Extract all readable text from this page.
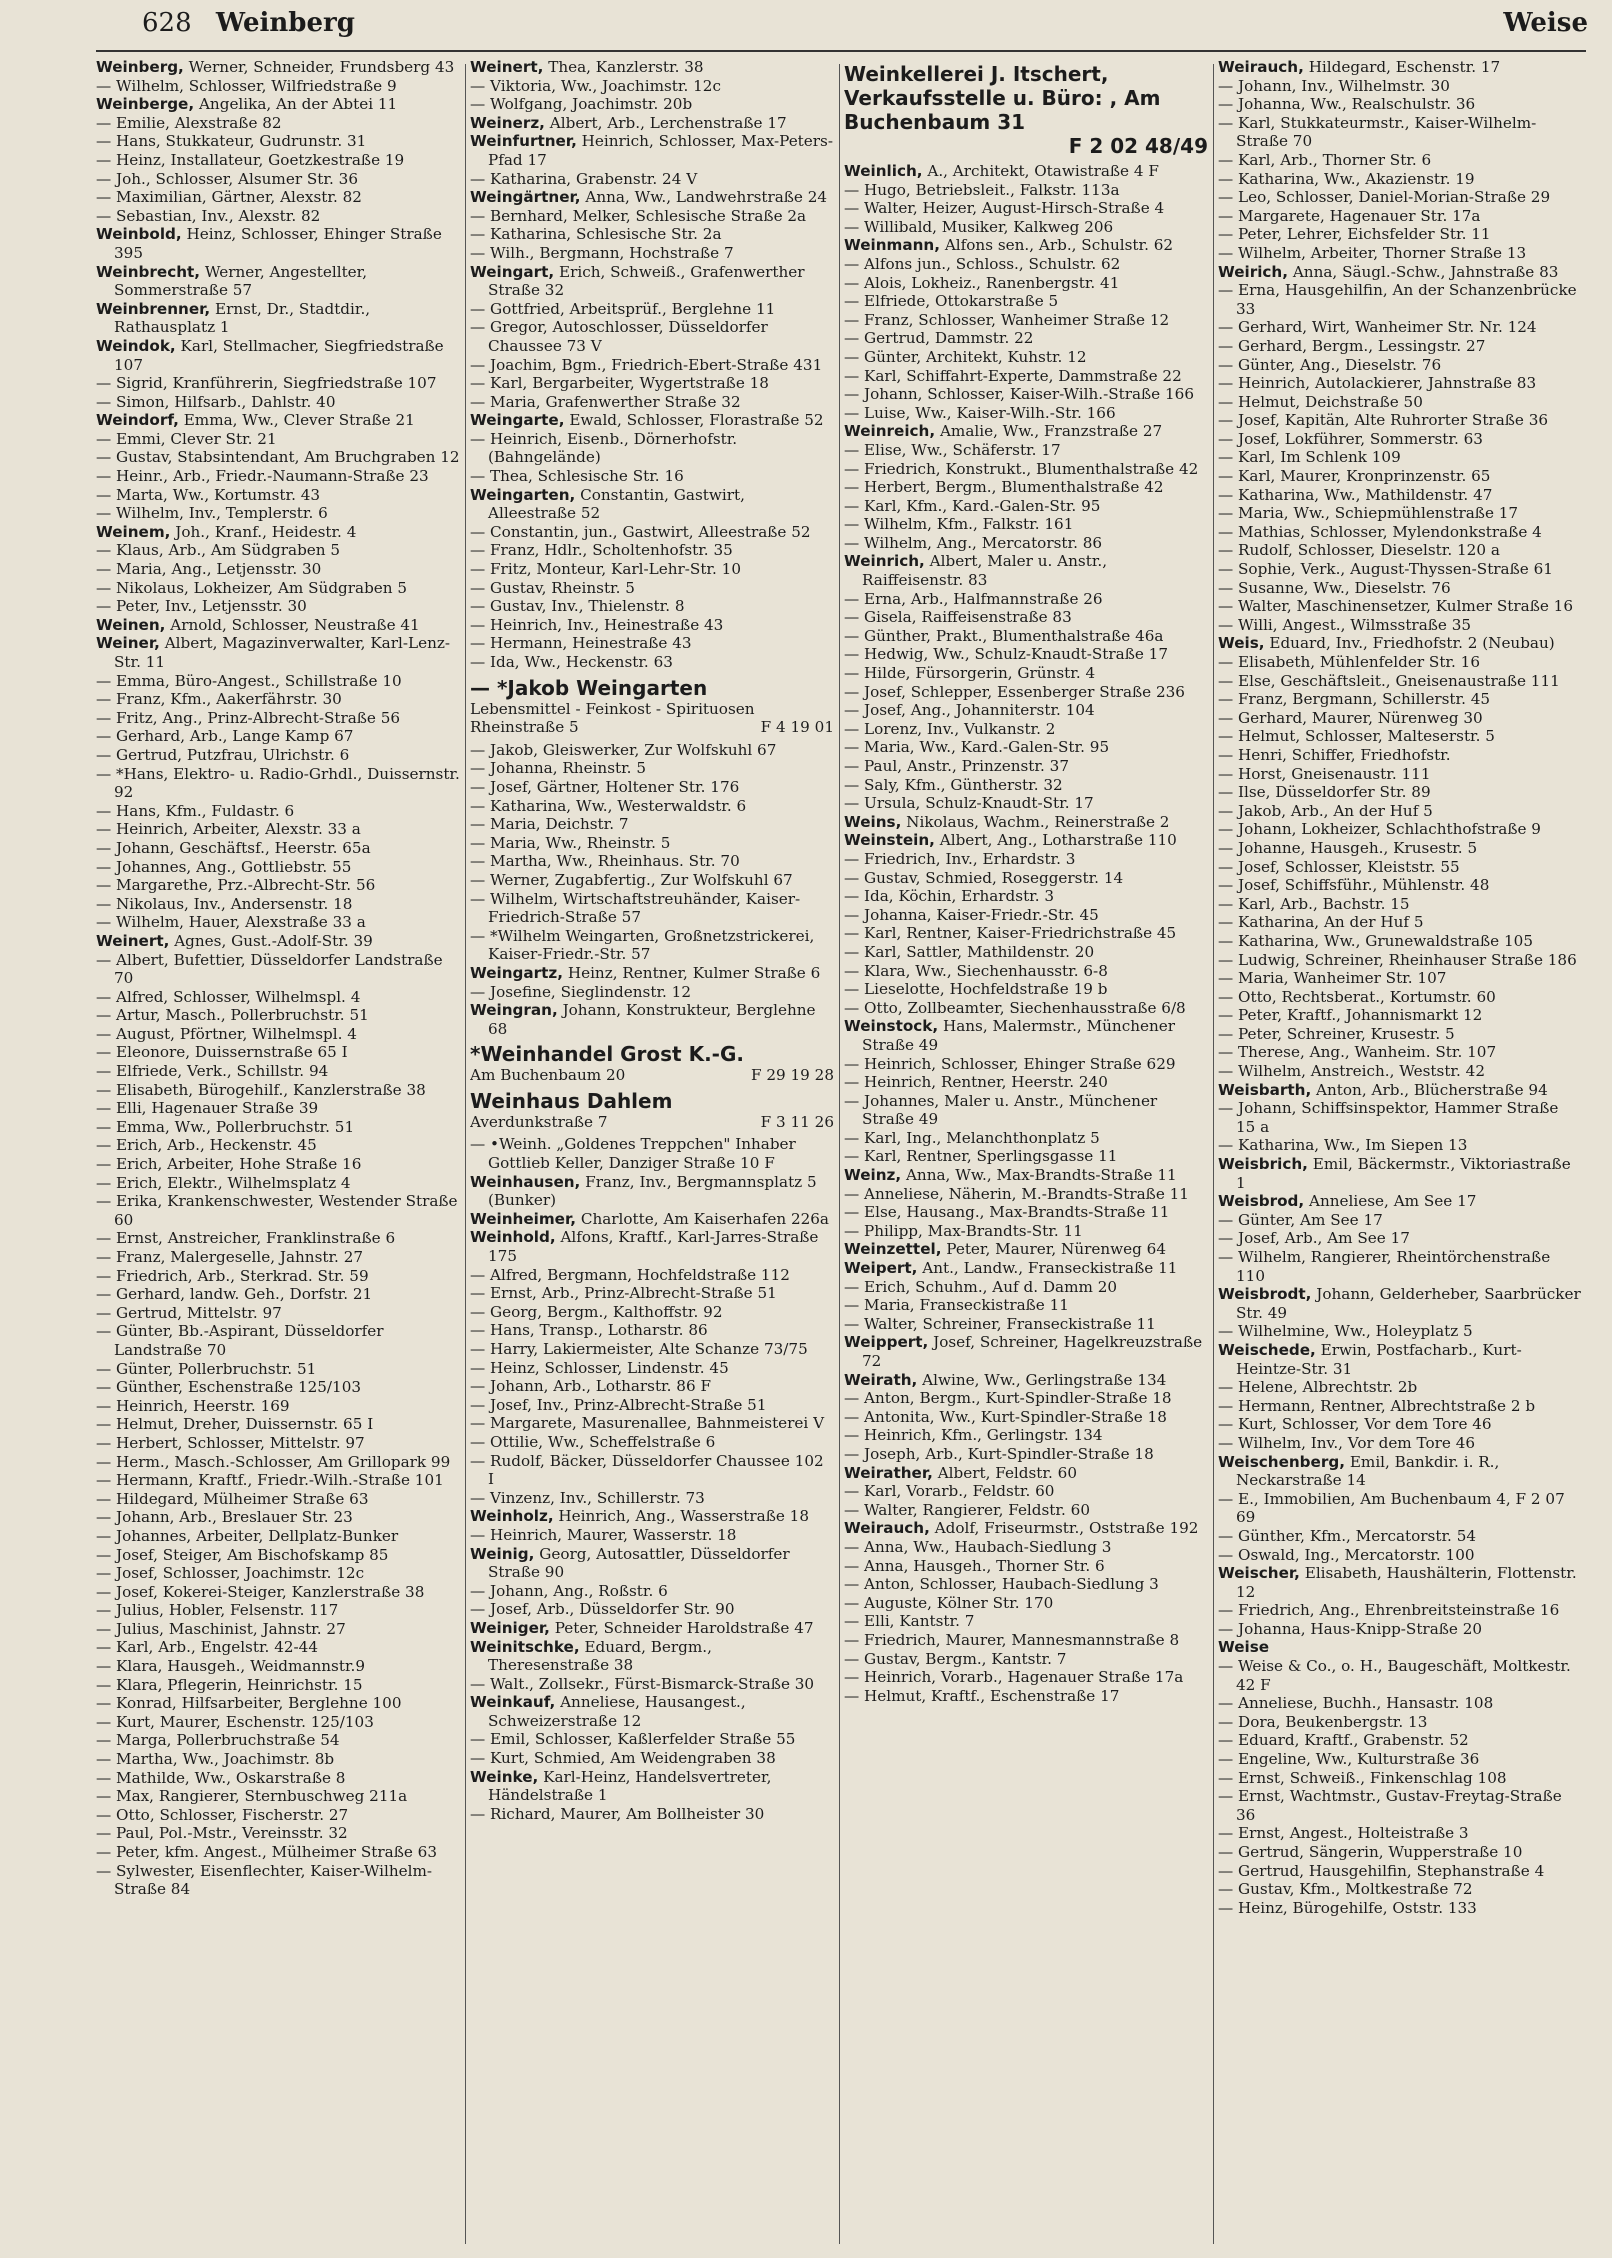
628 Weinberg	Weise
Weinberg, Werner, Schneider, Frundsberg 43
— Wilhelm, Schlosser, Wilfriedstraße 9
Weinberge, Angelika, An der Abtei 11
— Emilie, Alexstraße 82
— Hans, Stukkateur, Gudrunstr. 31
— Heinz, Installateur, Goetzkestraße 19
— Joh., Schlosser, Alsumer Str. 36
— Maximilian, Gärtner, Alexstr. 82
— Sebastian, Inv., Alexstr. 82
Weinbold, Heinz, Schlosser, Ehinger Straße 395
Weinbrecht, Werner, Angestellter, Sommerstraße 57
Weinbrenner, Ernst, Dr., Stadtdir., Rathausplatz 1
Weindok, Karl, Stellmacher, Siegfriedstraße 107
— Sigrid, Kranführerin, Siegfriedstraße 107
— Simon, Hilfsarb., Dahlstr. 40
Weindorf, Emma, Ww., Clever Straße 21
— Emmi, Clever Str. 21
— Gustav, Stabsintendant, Am Bruchgraben 12
— Heinr., Arb., Friedr.-Naumann-Straße 23
— Marta, Ww., Kortumstr. 43
— Wilhelm, Inv., Templerstr. 6
Weinem, Joh., Kranf., Heidestr. 4
— Klaus, Arb., Am Südgraben 5
— Maria, Ang., Letjensstr. 30
— Nikolaus, Lokheizer, Am Südgraben 5
— Peter, Inv., Letjensstr. 30
Weinen, Arnold, Schlosser, Neustraße 41
Weiner, Albert, Magazinverwalter, Karl-Lenz-Str. 11
— Emma, Büro-Angest., Schillstraße 10
— Franz, Kfm., Aakerfährstr. 30
— Fritz, Ang., Prinz-Albrecht-Straße 56
— Gerhard, Arb., Lange Kamp 67
— Gertrud, Putzfrau, Ulrichstr. 6
— *Hans, Elektro- u. Radio-Grhdl., Duissernstr. 92
— Hans, Kfm., Fuldastr. 6
— Heinrich, Arbeiter, Alexstr. 33 a
— Johann, Geschäftsf., Heerstr. 65a
— Johannes, Ang., Gottliebstr. 55
— Margarethe, Prz.-Albrecht-Str. 56
— Nikolaus, Inv., Andersenstr. 18
— Wilhelm, Hauer, Alexstraße 33 a
Weinert, Agnes, Gust.-Adolf-Str. 39
— Albert, Bufettier, Düsseldorfer Landstraße 70
— Alfred, Schlosser, Wilhelmspl. 4
— Artur, Masch., Pollerbruchstr. 51
— August, Pförtner, Wilhelmspl. 4
— Eleonore, Duissernstraße 65 I
— Elfriede, Verk., Schillstr. 94
— Elisabeth, Bürogehilf., Kanzlerstraße 38
— Elli, Hagenauer Straße 39
— Emma, Ww., Pollerbruchstr. 51
— Erich, Arb., Heckenstr. 45
— Erich, Arbeiter, Hohe Straße 16
— Erich, Elektr., Wilhelmsplatz 4
— Erika, Krankenschwester, Westender Straße 60
— Ernst, Anstreicher, Franklinstraße 6
— Franz, Malergeselle, Jahnstr. 27
— Friedrich, Arb., Sterkrad. Str. 59
— Gerhard, landw. Geh., Dorfstr. 21
— Gertrud, Mittelstr. 97
— Günter, Bb.-Aspirant, Düsseldorfer Landstraße 70
— Günter, Pollerbruchstr. 51
— Günther, Eschenstraße 125/103
— Heinrich, Heerstr. 169
— Helmut, Dreher, Duissernstr. 65 I
— Herbert, Schlosser, Mittelstr. 97
— Herm., Masch.-Schlosser, Am Grillopark 99
— Hermann, Kraftf., Friedr.-Wilh.-Straße 101
— Hildegard, Mülheimer Straße 63
— Johann, Arb., Breslauer Str. 23
— Johannes, Arbeiter, Dellplatz-Bunker
— Josef, Steiger, Am Bischofskamp 85
— Josef, Schlosser, Joachimstr. 12c
— Josef, Kokerei-Steiger, Kanzlerstraße 38
— Julius, Hobler, Felsenstr. 117
— Julius, Maschinist, Jahnstr. 27
— Karl, Arb., Engelstr. 42-44
— Klara, Hausgeh., Weidmannstr.9
— Klara, Pflegerin, Heinrichstr. 15
— Konrad, Hilfsarbeiter, Berglehne 100
— Kurt, Maurer, Eschenstr. 125/103
— Marga, Pollerbruchstraße 54
— Martha, Ww., Joachimstr. 8b
— Mathilde, Ww., Oskarstraße 8
— Max, Rangierer, Sternbuschweg 211a
— Otto, Schlosser, Fischerstr. 27
— Paul, Pol.-Mstr., Vereinsstr. 32
— Peter, kfm. Angest., Mülheimer Straße 63
— Sylwester, Eisenflechter, Kaiser-Wilhelm-Straße 84
Weinert, Thea, Kanzlerstr. 38
— Viktoria, Ww., Joachimstr. 12c
— Wolfgang, Joachimstr. 20b
Weinerz, Albert, Arb., Lerchenstraße 17
Weinfurtner, Heinrich, Schlosser, Max-Peters-Pfad 17
— Katharina, Grabenstr. 24 V
Weingärtner, Anna, Ww., Landwehrstraße 24
— Bernhard, Melker, Schlesische Straße 2a
— Katharina, Schlesische Str. 2a
— Wilh., Bergmann, Hochstraße 7
Weingart, Erich, Schweiß., Grafenwerther Straße 32
— Gottfried, Arbeitsprüf., Berglehne 11
— Gregor, Autoschlosser, Düsseldorfer Chaussee 73 V
— Joachim, Bgm., Friedrich-Ebert-Straße 431
— Karl, Bergarbeiter, Wygertstraße 18
— Maria, Grafenwerther Straße 32
Weingarte, Ewald, Schlosser, Florastraße 52
— Heinrich, Eisenb., Dörnerhofstr. (Bahngelände)
— Thea, Schlesische Str. 16
Weingarten, Constantin, Gastwirt, Alleestraße 52
— Constantin, jun., Gastwirt, Alleestraße 52
— Franz, Hdlr., Scholtenhofstr. 35
— Fritz, Monteur, Karl-Lehr-Str. 10
— Gustav, Rheinstr. 5
— Gustav, Inv., Thielenstr. 8
— Heinrich, Inv., Heinestraße 43
— Hermann, Heinestraße 43
— Ida, Ww., Heckenstr. 63
— *Jakob Weingarten
Lebensmittel - Feinkost - Spirituosen
Rheinstraße 5	F 4 19 01
— Jakob, Gleiswerker, Zur Wolfskuhl 67
— Johanna, Rheinstr. 5
— Josef, Gärtner, Holtener Str. 176
— Katharina, Ww., Westerwaldstr. 6
— Maria, Deichstr. 7
— Maria, Ww., Rheinstr. 5
— Martha, Ww., Rheinhaus. Str. 70
— Werner, Zugabfertig., Zur Wolfskuhl 67
— Wilhelm, Wirtschaftstreuhänder, Kaiser-Friedrich-Straße 57
— *Wilhelm Weingarten, Großnetzstrickerei, Kaiser-Friedr.-Str. 57
Weingartz, Heinz, Rentner, Kulmer Straße 6
— Josefine, Sieglindenstr. 12
Weingran, Johann, Konstrukteur, Berglehne 68
*Weinhandel Grost K.-G.
Am Buchenbaum 20	F 29 19 28
Weinhaus Dahlem
Averdunkstraße 7	F 3 11 26
— •Weinh. „Goldenes Treppchen" Inhaber Gottlieb Keller, Danziger Straße 10 F
Weinhausen, Franz, Inv., Bergmannsplatz 5 (Bunker)
Weinheimer, Charlotte, Am Kaiserhafen 226a
Weinhold, Alfons, Kraftf., Karl-Jarres-Straße 175
— Alfred, Bergmann, Hochfeldstraße 112
— Ernst, Arb., Prinz-Albrecht-Straße 51
— Georg, Bergm., Kalthoffstr. 92
— Hans, Transp., Lotharstr. 86
— Harry, Lakiermeister, Alte Schanze 73/75
— Heinz, Schlosser, Lindenstr. 45
— Johann, Arb., Lotharstr. 86 F
— Josef, Inv., Prinz-Albrecht-Straße 51
— Margarete, Masurenallee, Bahnmeisterei V
— Ottilie, Ww., Scheffelstraße 6
— Rudolf, Bäcker, Düsseldorfer Chaussee 102 I
— Vinzenz, Inv., Schillerstr. 73
Weinholz, Heinrich, Ang., Wasserstraße 18
— Heinrich, Maurer, Wasserstr. 18
Weinig, Georg, Autosattler, Düsseldorfer Straße 90
— Johann, Ang., Roßstr. 6
— Josef, Arb., Düsseldorfer Str. 90
Weiniger, Peter, Schneider Haroldstraße 47
Weinitschke, Eduard, Bergm., Theresenstraße 38
— Walt., Zollsekr., Fürst-Bismarck-Straße 30
Weinkauf, Anneliese, Hausangest., Schweizerstraße 12
— Emil, Schlosser, Kaßlerfelder Straße 55
— Kurt, Schmied, Am Weidengraben 38
Weinke, Karl-Heinz, Handelsvertreter, Händelstraße 1
— Richard, Maurer, Am Bollheister 30
Weinkellerei J. Itschert, Verkaufsstelle u. Büro: , Am Buchenbaum 31
F 2 02 48/49
Weinlich, A., Architekt, Otawistraße 4 F
— Hugo, Betriebsleit., Falkstr. 113a
— Walter, Heizer, August-Hirsch-Straße 4
— Willibald, Musiker, Kalkweg 206
Weinmann, Alfons sen., Arb., Schulstr. 62
— Alfons jun., Schloss., Schulstr. 62
— Alois, Lokheiz., Ranenbergstr. 41
— Elfriede, Ottokarstraße 5
— Franz, Schlosser, Wanheimer Straße 12
— Gertrud, Dammstr. 22
— Günter, Architekt, Kuhstr. 12
— Karl, Schiffahrt-Experte, Dammstraße 22
— Johann, Schlosser, Kaiser-Wilh.-Straße 166
— Luise, Ww., Kaiser-Wilh.-Str. 166
Weinreich, Amalie, Ww., Franzstraße 27
— Elise, Ww., Schäferstr. 17
— Friedrich, Konstrukt., Blumenthalstraße 42
— Herbert, Bergm., Blumenthalstraße 42
— Karl, Kfm., Kard.-Galen-Str. 95
— Wilhelm, Kfm., Falkstr. 161
— Wilhelm, Ang., Mercatorstr. 86
Weinrich, Albert, Maler u. Anstr., Raiffeisenstr. 83
— Erna, Arb., Halfmannstraße 26
— Gisela, Raiffeisenstraße 83
— Günther, Prakt., Blumenthalstraße 46a
— Hedwig, Ww., Schulz-Knaudt-Straße 17
— Hilde, Fürsorgerin, Grünstr. 4
— Josef, Schlepper, Essenberger Straße 236
— Josef, Ang., Johanniterstr. 104
— Lorenz, Inv., Vulkanstr. 2
— Maria, Ww., Kard.-Galen-Str. 95
— Paul, Anstr., Prinzenstr. 37
— Saly, Kfm., Güntherstr. 32
— Ursula, Schulz-Knaudt-Str. 17
Weins, Nikolaus, Wachm., Reinerstraße 2
Weinstein, Albert, Ang., Lotharstraße 110
— Friedrich, Inv., Erhardstr. 3
— Gustav, Schmied, Roseggerstr. 14
— Ida, Köchin, Erhardstr. 3
— Johanna, Kaiser-Friedr.-Str. 45
— Karl, Rentner, Kaiser-Friedrichstraße 45
— Karl, Sattler, Mathildenstr. 20
— Klara, Ww., Siechenhausstr. 6-8
— Lieselotte, Hochfeldstraße 19 b
— Otto, Zollbeamter, Siechenhausstraße 6/8
Weinstock, Hans, Malermstr., Münchener Straße 49
— Heinrich, Schlosser, Ehinger Straße 629
— Heinrich, Rentner, Heerstr. 240
— Johannes, Maler u. Anstr., Münchener Straße 49
— Karl, Ing., Melanchthonplatz 5
— Karl, Rentner, Sperlingsgasse 11
Weinz, Anna, Ww., Max-Brandts-Straße 11
— Anneliese, Näherin, M.-Brandts-Straße 11
— Else, Hausang., Max-Brandts-Straße 11
— Philipp, Max-Brandts-Str. 11
Weinzettel, Peter, Maurer, Nürenweg 64
Weipert, Ant., Landw., Franseckistraße 11
— Erich, Schuhm., Auf d. Damm 20
— Maria, Franseckistraße 11
— Walter, Schreiner, Franseckistraße 11
Weippert, Josef, Schreiner, Hagelkreuzstraße 72
Weirath, Alwine, Ww., Gerlingstraße 134
— Anton, Bergm., Kurt-Spindler-Straße 18
— Antonita, Ww., Kurt-Spindler-Straße 18
— Heinrich, Kfm., Gerlingstr. 134
— Joseph, Arb., Kurt-Spindler-Straße 18
Weirather, Albert, Feldstr. 60
— Karl, Vorarb., Feldstr. 60
— Walter, Rangierer, Feldstr. 60
Weirauch, Adolf, Friseurmstr., Oststraße 192
— Anna, Ww., Haubach-Siedlung 3
— Anna, Hausgeh., Thorner Str. 6
— Anton, Schlosser, Haubach-Siedlung 3
— Auguste, Kölner Str. 170
— Elli, Kantstr. 7
— Friedrich, Maurer, Mannesmannstraße 8
— Gustav, Bergm., Kantstr. 7
— Heinrich, Vorarb., Hagenauer Straße 17a
— Helmut, Kraftf., Eschenstraße 17
Weirauch, Hildegard, Eschenstr. 17
— Johann, Inv., Wilhelmstr. 30
— Johanna, Ww., Realschulstr. 36
— Karl, Stukkateurmstr., Kaiser-Wilhelm-Straße 70
— Karl, Arb., Thorner Str. 6
— Katharina, Ww., Akazienstr. 19
— Leo, Schlosser, Daniel-Morian-Straße 29
— Margarete, Hagenauer Str. 17a
— Peter, Lehrer, Eichsfelder Str. 11
— Wilhelm, Arbeiter, Thorner Straße 13
Weirich, Anna, Säugl.-Schw., Jahnstraße 83
— Erna, Hausgehilfin, An der Schanzenbrücke 33
— Gerhard, Wirt, Wanheimer Str. Nr. 124
— Gerhard, Bergm., Lessingstr. 27
— Günter, Ang., Dieselstr. 76
— Heinrich, Autolackierer, Jahnstraße 83
— Helmut, Deichstraße 50
— Josef, Kapitän, Alte Ruhrorter Straße 36
— Josef, Lokführer, Sommerstr. 63
— Karl, Im Schlenk 109
— Karl, Maurer, Kronprinzenstr. 65
— Katharina, Ww., Mathildenstr. 47
— Maria, Ww., Schiepmühlenstraße 17
— Mathias, Schlosser, Mylendonkstraße 4
— Rudolf, Schlosser, Dieselstr. 120 a
— Sophie, Verk., August-Thyssen-Straße 61
— Susanne, Ww., Dieselstr. 76
— Walter, Maschinensetzer, Kulmer Straße 16
— Willi, Angest., Wilmsstraße 35
Weis, Eduard, Inv., Friedhofstr. 2 (Neubau)
— Elisabeth, Mühlenfelder Str. 16
— Else, Geschäftsleit., Gneisenaustraße 111
— Franz, Bergmann, Schillerstr. 45
— Gerhard, Maurer, Nürenweg 30
— Helmut, Schlosser, Malteserstr. 5
— Henri, Schiffer, Friedhofstr.
— Horst, Gneisenaustr. 111
— Ilse, Düsseldorfer Str. 89
— Jakob, Arb., An der Huf 5
— Johann, Lokheizer, Schlachthofstraße 9
— Johanne, Hausgeh., Krusestr. 5
— Josef, Schlosser, Kleiststr. 55
— Josef, Schiffsführ., Mühlenstr. 48
— Karl, Arb., Bachstr. 15
— Katharina, An der Huf 5
— Katharina, Ww., Grunewaldstraße 105
— Ludwig, Schreiner, Rheinhauser Straße 186
— Maria, Wanheimer Str. 107
— Otto, Rechtsberat., Kortumstr. 60
— Peter, Kraftf., Johannismarkt 12
— Peter, Schreiner, Krusestr. 5
— Therese, Ang., Wanheim. Str. 107
— Wilhelm, Anstreich., Weststr. 42
Weisbarth, Anton, Arb., Blücherstraße 94
— Johann, Schiffsinspektor, Hammer Straße 15 a
— Katharina, Ww., Im Siepen 13
Weisbrich, Emil, Bäckermstr., Viktoriastraße 1
Weisbrod, Anneliese, Am See 17
— Günter, Am See 17
— Josef, Arb., Am See 17
— Wilhelm, Rangierer, Rheintörchenstraße 110
Weisbrodt, Johann, Gelderheber, Saarbrücker Str. 49
— Wilhelmine, Ww., Holeyplatz 5
Weischede, Erwin, Postfacharb., Kurt-Heintze-Str. 31
— Helene, Albrechtstr. 2b
— Hermann, Rentner, Albrechtstraße 2 b
— Kurt, Schlosser, Vor dem Tore 46
— Wilhelm, Inv., Vor dem Tore 46
Weischenberg, Emil, Bankdir. i. R., Neckarstraße 14
— E., Immobilien, Am Buchenbaum 4, F 2 07 69
— Günther, Kfm., Mercatorstr. 54
— Oswald, Ing., Mercatorstr. 100
Weischer, Elisabeth, Haushälterin, Flottenstr. 12
— Friedrich, Ang., Ehrenbreitsteinstraße 16
— Johanna, Haus-Knipp-Straße 20
Weise
— Weise & Co., o. H., Baugeschäft, Moltkestr. 42 F
— Anneliese, Buchh., Hansastr. 108
— Dora, Beukenbergstr. 13
— Eduard, Kraftf., Grabenstr. 52
— Engeline, Ww., Kulturstraße 36
— Ernst, Schweiß., Finkenschlag 108
— Ernst, Wachtmstr., Gustav-Freytag-Straße 36
— Ernst, Angest., Holteistraße 3
— Gertrud, Sängerin, Wupperstraße 10
— Gertrud, Hausgehilfin, Stephanstraße 4
— Gustav, Kfm., Moltkestraße 72
— Heinz, Bürogehilfe, Oststr. 133
